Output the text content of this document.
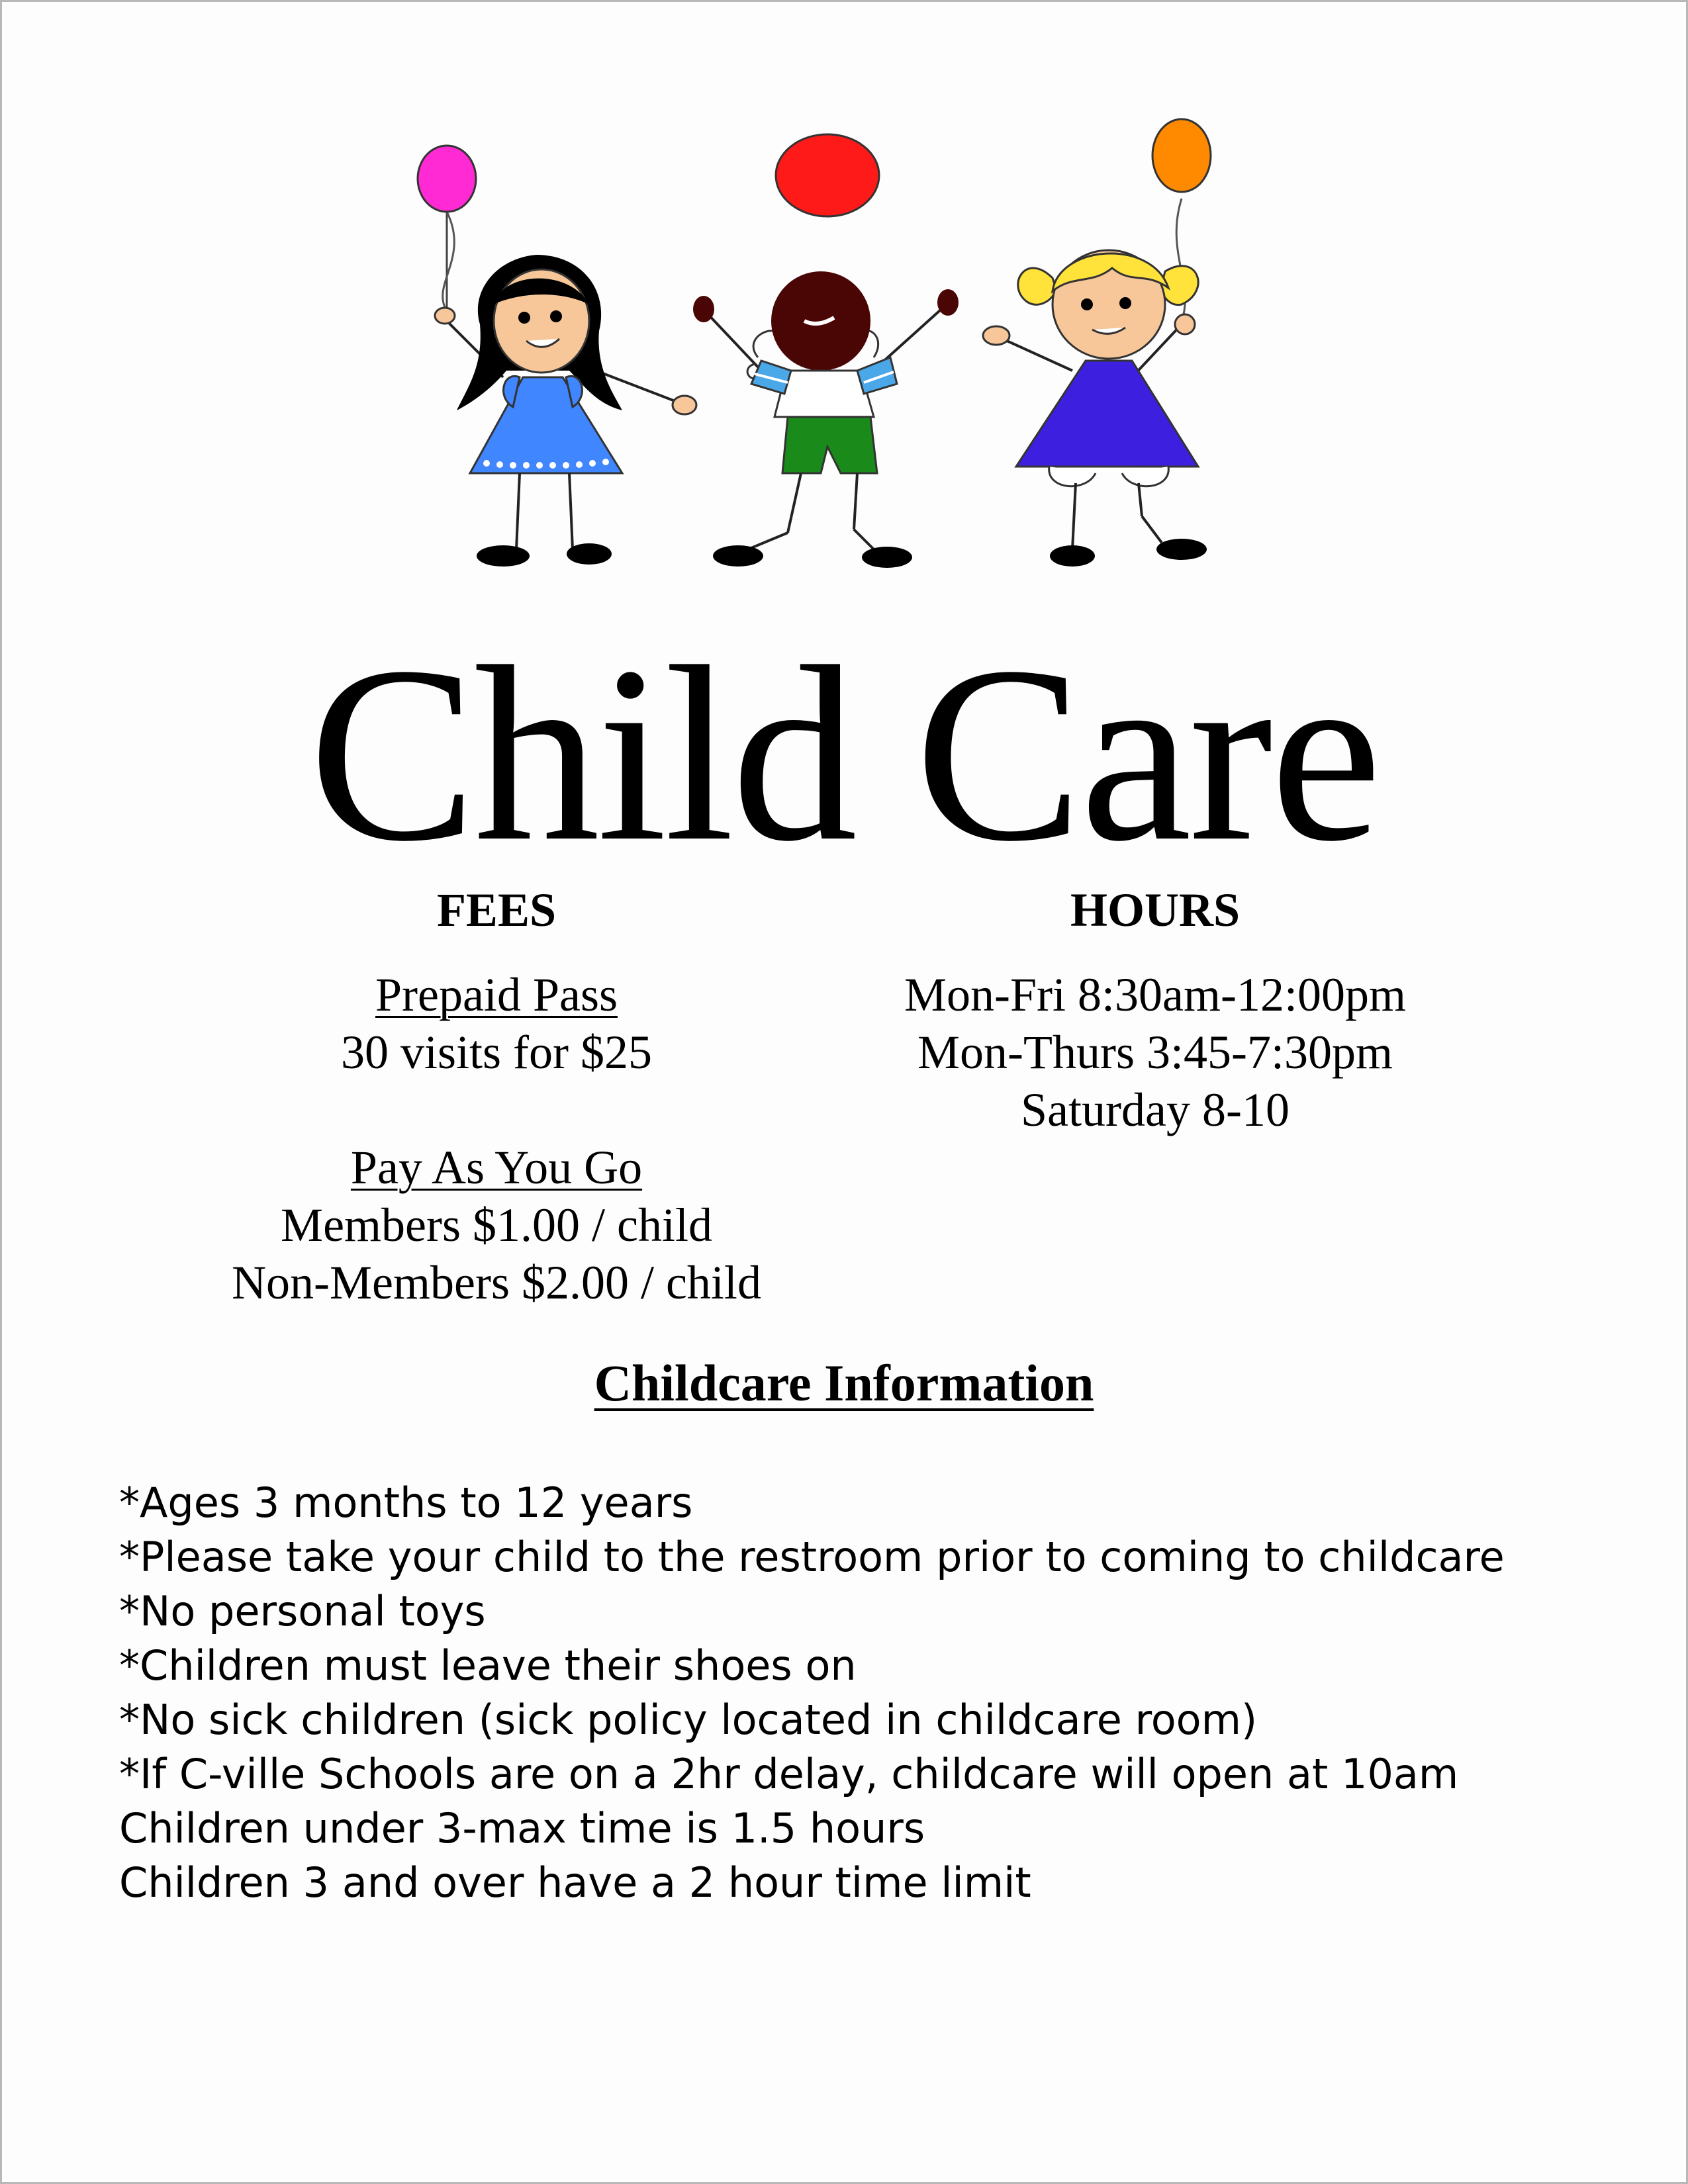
Child Care
FEES	HOURS
Prepaid Pass
30 visits for $25
Pay As You Go
Members $1.00 / child
Non-Members $2.00 / child
Mon-Fri 8:30am-12:00pm
Mon-Thurs 3:45-7:30pm
Saturday 8-10
Childcare Information
*Ages 3 months to 12 years
*Please take your child to the restroom prior to coming to childcare
*No personal toys
*Children must leave their shoes on
*No sick children (sick policy located in childcare room)
*If C-ville Schools are on a 2hr delay, childcare will open at 10am
Children under 3-max time is 1.5 hours
Children 3 and over have a 2 hour time limit
